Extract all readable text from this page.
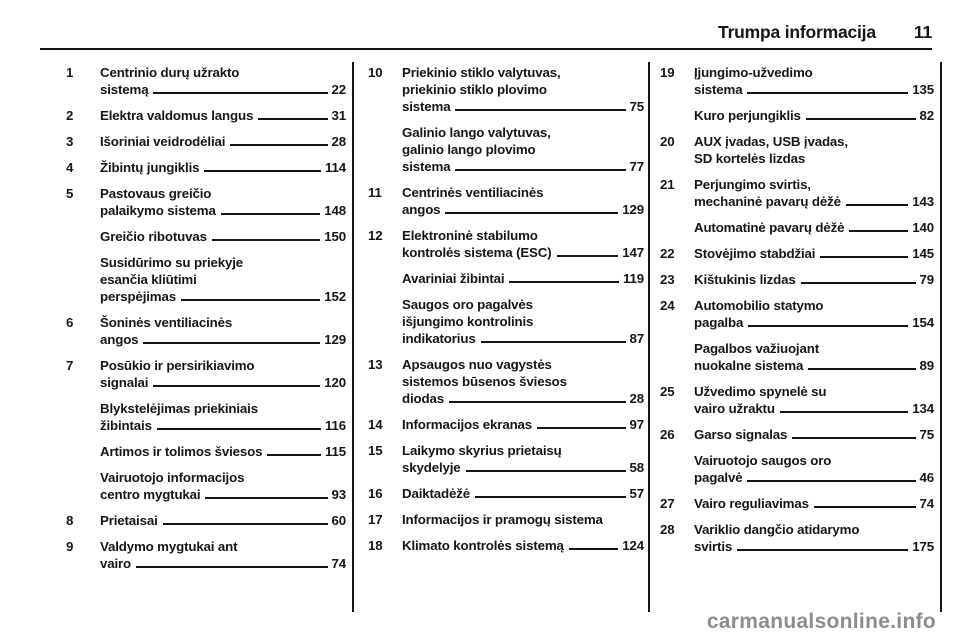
Trumpa informacija 11
1	Centrinio durų užrakto
sistemą	22
2	Elektra valdomus langus	31
3	Išoriniai veidrodėliai	28
4	Žibintų jungiklis	114
5	Pastovaus greičio
palaikymo sistema	148
Greičio ribotuvas	150
Susidūrimo su priekyje
esančia kliūtimi
perspėjimas	152
6	Šoninės ventiliacinės
angos	129
7	Posūkio ir persirikiavimo
signalai	120
Blykstelėjimas priekiniais
žibintais	116
Artimos ir tolimos šviesos	115
Vairuotojo informacijos
centro mygtukai	93
8	Prietaisai	60
9	Valdymo mygtukai ant
vairo	74
10	Priekinio stiklo valytuvas,
priekinio stiklo plovimo
sistema	75
Galinio lango valytuvas,
galinio lango plovimo
sistema	77
11	Centrinės ventiliacinės
angos	129
12	Elektroninė stabilumo
kontrolės sistema (ESC)	147
Avariniai žibintai	119
Saugos oro pagalvės
išjungimo kontrolinis
indikatorius	87
13	Apsaugos nuo vagystės
sistemos būsenos šviesos
diodas	28
14	Informacijos ekranas	97
15	Laikymo skyrius prietaisų
skydelyje	58
16	Daiktadėžė	57
17	Informacijos ir pramogų sistema
18	Klimato kontrolės sistemą	124
19	Įjungimo-užvedimo
sistema	135
Kuro perjungiklis	82
20	AUX įvadas, USB įvadas,
SD kortelės lizdas
21	Perjungimo svirtis,
mechaninė pavarų dėžė	143
Automatinė pavarų dėžė	140
22	Stovėjimo stabdžiai	145
23	Kištukinis lizdas	79
24	Automobilio statymo
pagalba	154
Pagalbos važiuojant
nuokalne sistema	89
25	Užvedimo spynelė su
vairo užraktu	134
26	Garso signalas	75
Vairuotojo saugos oro
pagalvė	46
27	Vairo reguliavimas	74
28	Variklio dangčio atidarymo
svirtis	175
carmanualsonline.info
